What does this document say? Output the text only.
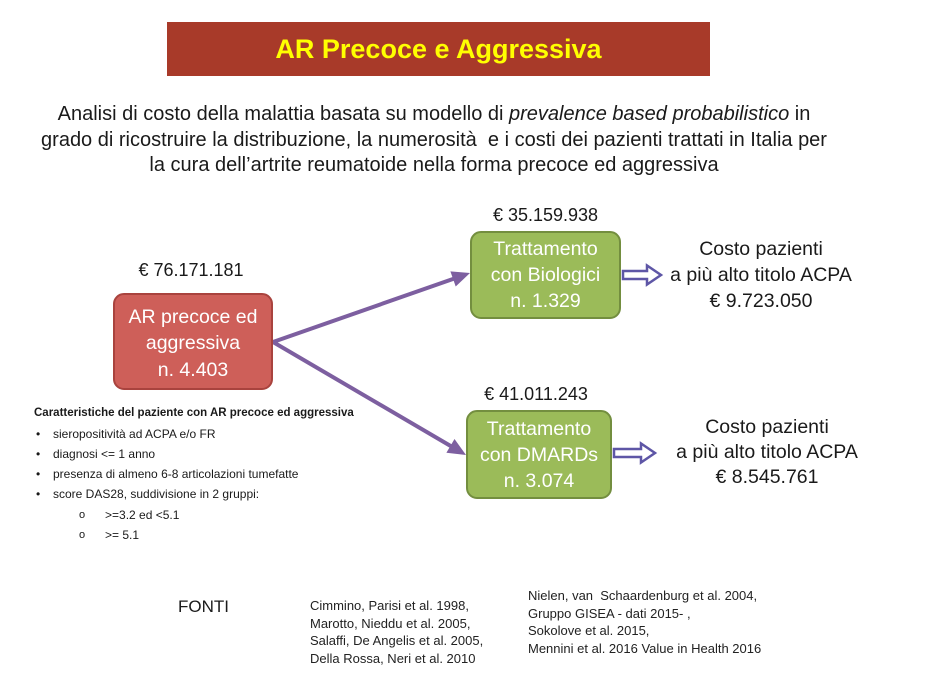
AR Precoce e Aggressiva
Analisi di costo della malattia basata su modello di prevalence based probabilistico in
grado di ricostruire la distribuzione, la numerosità  e i costi dei pazienti trattati in Italia per
la cura dell’artrite reumatoide nella forma precoce ed aggressiva
€ 76.171.181
€ 35.159.938
€ 41.011.243
AR precoce ed
aggressiva
n. 4.403
Trattamento
con Biologici
n. 1.329
Trattamento
con DMARDs
n. 3.074
Costo pazienti
a più alto titolo ACPA
€ 9.723.050
Costo pazienti
a più alto titolo ACPA
€ 8.545.761
Caratteristiche del paziente con AR precoce ed aggressiva
• sieropositività ad ACPA e/o FR
• diagnosi <= 1 anno
• presenza di almeno 6-8 articolazioni tumefatte
• score DAS28, suddivisione in 2 gruppi:
o >=3.2 ed <5.1
o >= 5.1
FONTI	Cimmino, Parisi et al. 1998,
Marotto, Nieddu et al. 2005,
Salaffi, De Angelis et al. 2005,
Della Rossa, Neri et al. 2010
Nielen, van  Schaardenburg et al. 2004,
Gruppo GISEA - dati 2015- ,
Sokolove et al. 2015,
Mennini et al. 2016 Value in Health 2016
